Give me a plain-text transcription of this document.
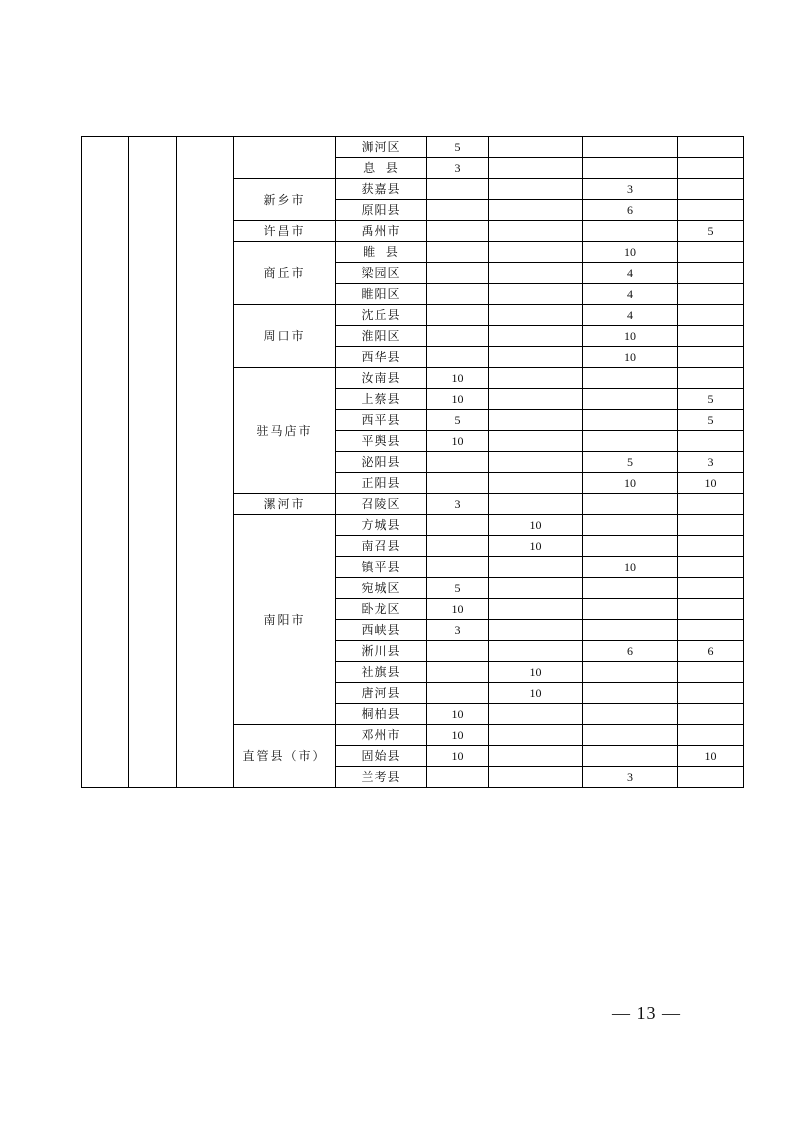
				浉河区	5			
				息  县	3			
			新乡市	获嘉县			3	
				原阳县			6	
			许昌市	禹州市				5
			商丘市	睢  县			10	
				梁园区			4	
				睢阳区			4	
			周口市	沈丘县			4	
				淮阳区			10	
				西华县			10	
			驻马店市	汝南县	10			
				上蔡县	10			5
				西平县	5			5
				平舆县	10			
				泌阳县			5	3
				正阳县			10	10
			漯河市	召陵区	3			
			南阳市	方城县		10		
				南召县		10		
				镇平县			10	
				宛城区	5			
				卧龙区	10			
				西峡县	3			
				淅川县			6	6
				社旗县		10		
				唐河县		10		
				桐柏县	10			
			直管县（市）	邓州市	10			
				固始县	10			10
				兰考县			3	
— 13 —
